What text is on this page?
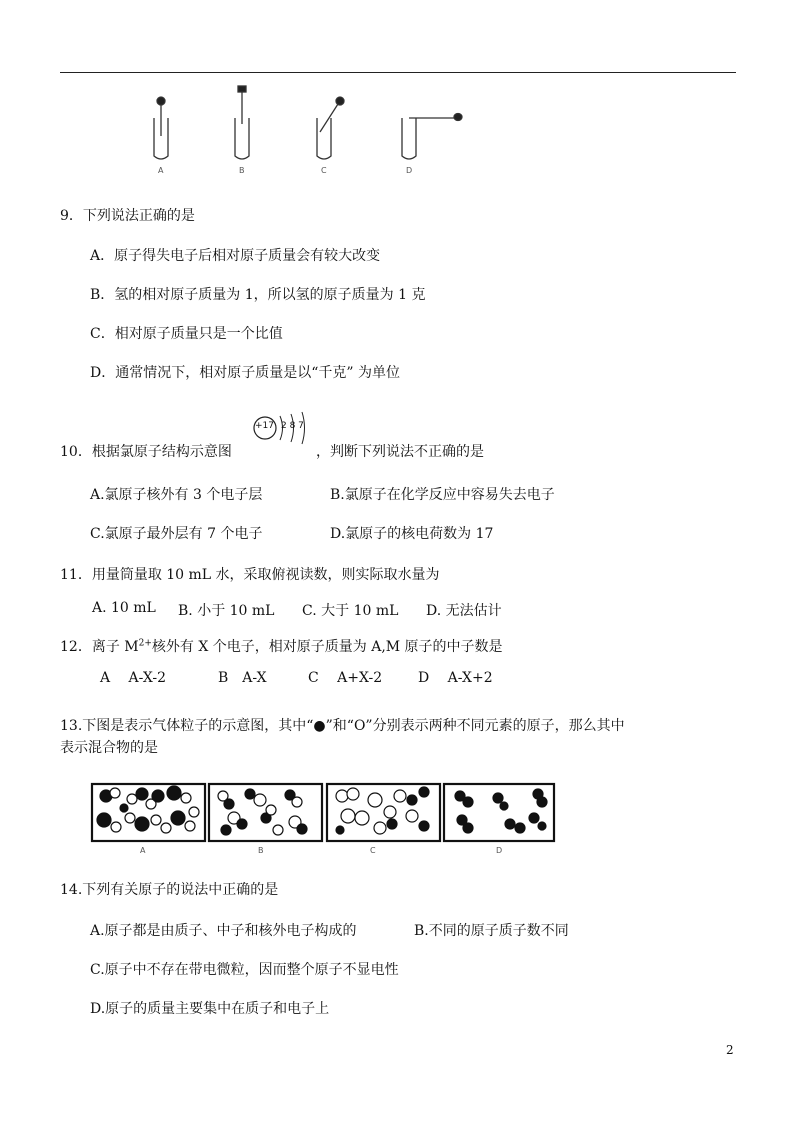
A	B	C	D
9．下列说法正确的是
A．原子得失电子后相对原子质量会有较大改变
B．氢的相对原子质量为 1，所以氢的原子质量为 1 克
C．相对原子质量只是一个比值
D．通常情况下，相对原子质量是以“千克” 为单位
10．根据氯原子结构示意图
+17 2 8 7
，判断下列说法不正确的是
A.氯原子核外有 3 个电子层	B.氯原子在化学反应中容易失去电子
C.氯原子最外层有 7 个电子	D.氯原子的核电荷数为 17
11．用量筒量取 10 mL 水，采取俯视读数，则实际取水量为
A. 10 mL B. 小于 10 mL C. 大于 10 mL D. 无法估计
12．离子 $M^{2+}$核外有 X 个电子，相对原子质量为 A,M 原子的中子数是
A　 A-X-2	B　A-X	C　 A+X-2	D　 A-X+2
13.下图是表示气体粒子的示意图，其中“●”和“O”分别表示两种不同元素的原子，那么其中
表示混合物的是
A	B	C	D
14.下列有关原子的说法中正确的是
A.原子都是由质子、中子和核外电子构成的	B.不同的原子质子数不同
C.原子中不存在带电微粒，因而整个原子不显电性
D.原子的质量主要集中在质子和电子上
2
